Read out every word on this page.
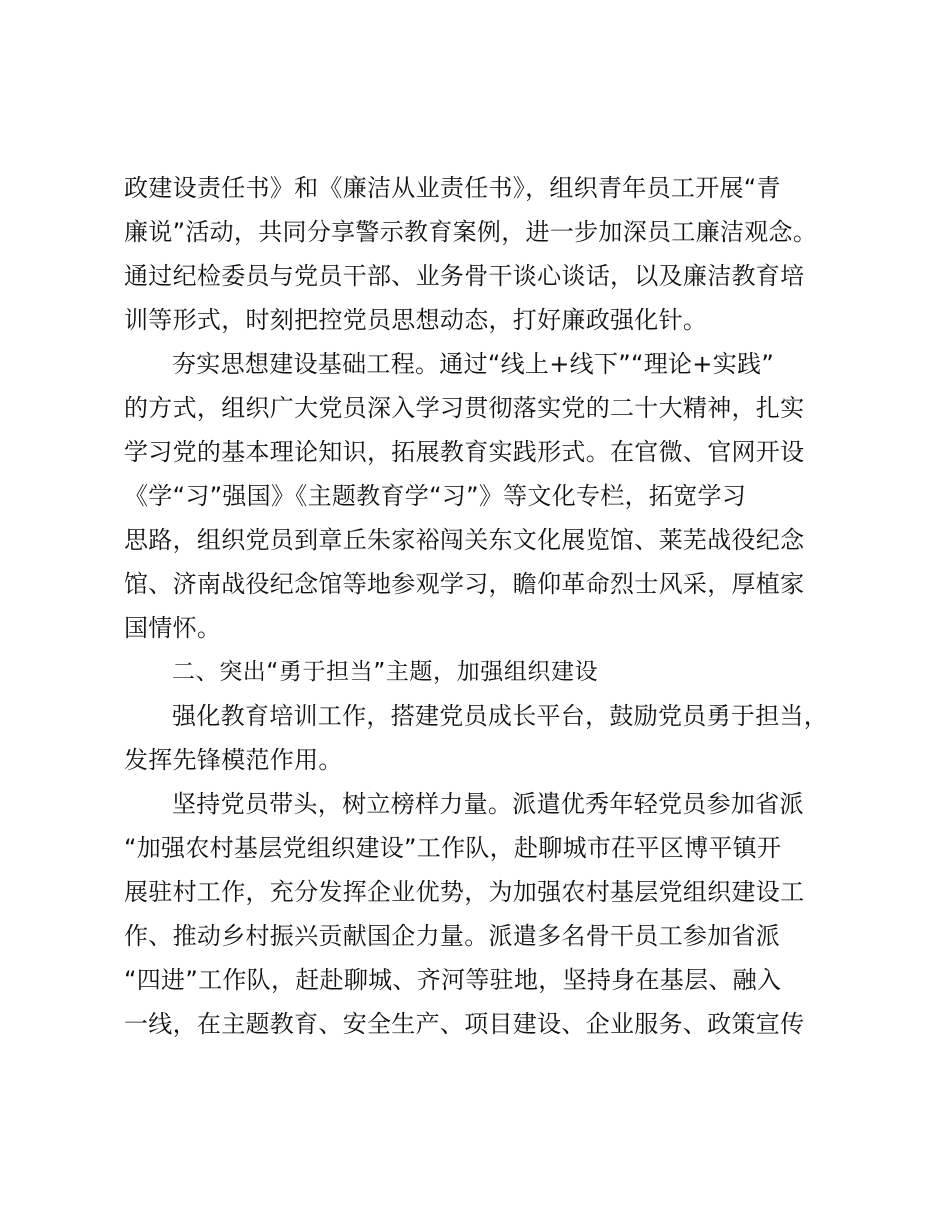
政建设责任书》和《廉洁从业责任书》，组织青年员工开展“青
廉说”活动，共同分享警示教育案例，进一步加深员工廉洁观念。
通过纪检委员与党员干部、业务骨干谈心谈话，以及廉洁教育培
训等形式，时刻把控党员思想动态，打好廉政强化针。
夯实思想建设基础工程。通过“线上+线下”“理论+实践”
的方式，组织广大党员深入学习贯彻落实党的二十大精神，扎实
学习党的基本理论知识，拓展教育实践形式。在官微、官网开设
《学“习”强国》《主题教育学“习”》等文化专栏，拓宽学习
思路，组织党员到章丘朱家裕闯关东文化展览馆、莱芜战役纪念
馆、济南战役纪念馆等地参观学习，瞻仰革命烈士风采，厚植家
国情怀。
二、突出“勇于担当”主题，加强组织建设
强化教育培训工作，搭建党员成长平台，鼓励党员勇于担当，
发挥先锋模范作用。
坚持党员带头，树立榜样力量。派遣优秀年轻党员参加省派
“加强农村基层党组织建设”工作队，赴聊城市茌平区博平镇开
展驻村工作，充分发挥企业优势，为加强农村基层党组织建设工
作、推动乡村振兴贡献国企力量。派遣多名骨干员工参加省派
“四进”工作队，赶赴聊城、齐河等驻地，坚持身在基层、融入
一线，在主题教育、安全生产、项目建设、企业服务、政策宣传
